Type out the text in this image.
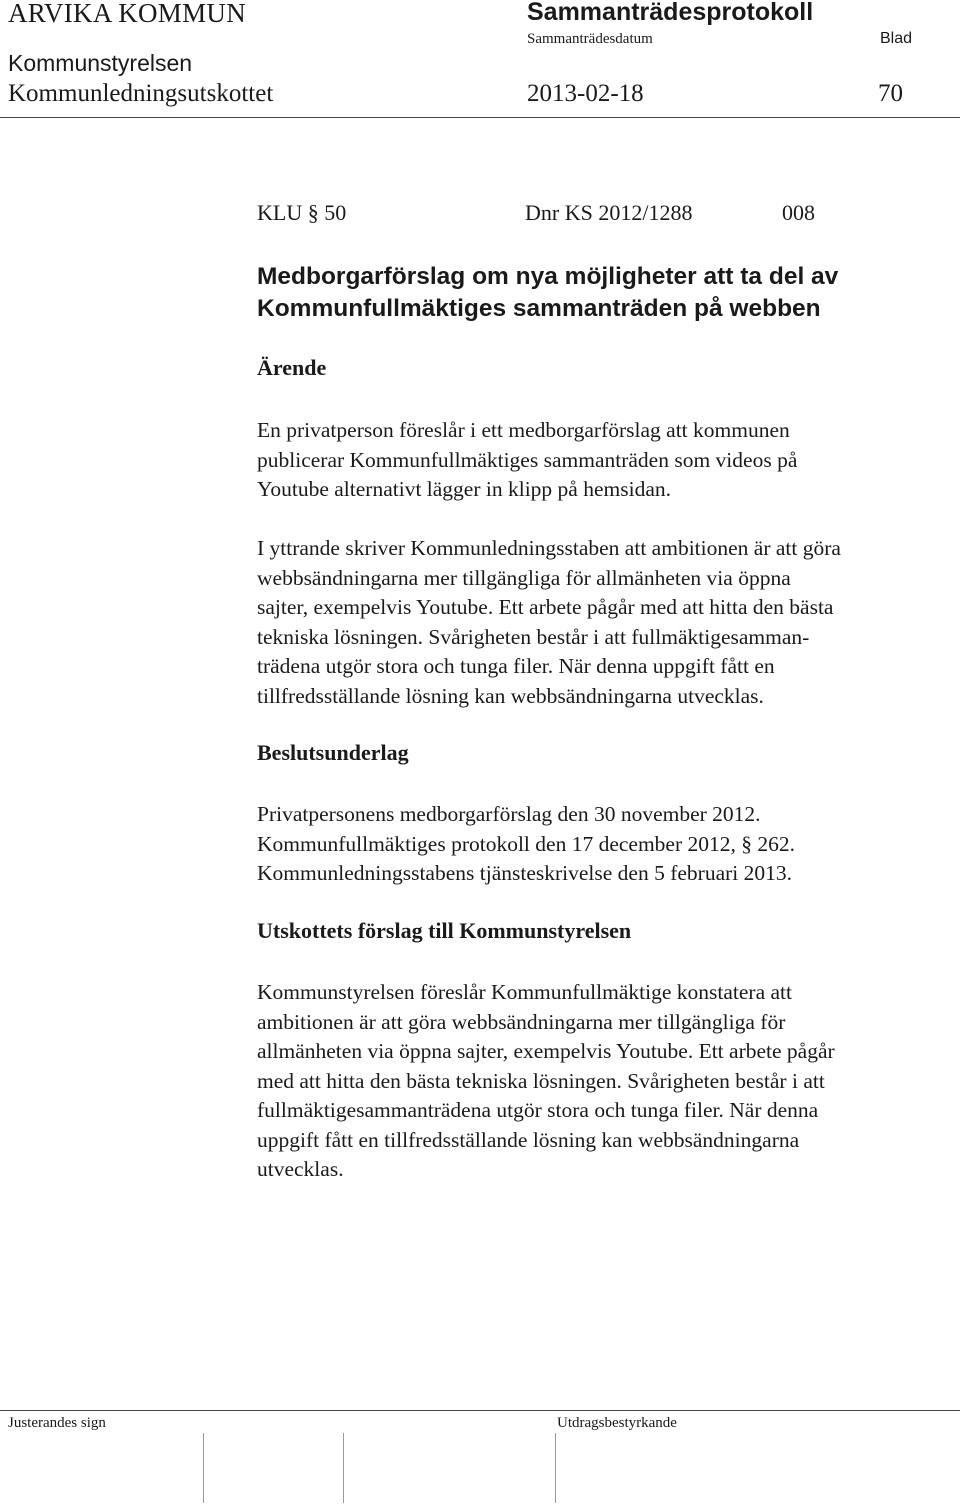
ARVIKA KOMMUN	Sammanträdesprotokoll
Sammanträdesdatum	Blad
Kommunstyrelsen
Kommunledningsutskottet	2013-02-18	70
KLU § 50	Dnr KS 2012/1288	008
Medborgarförslag om nya möjligheter att ta del av
Kommunfullmäktiges sammanträden på webben
Ärende
En privatperson föreslår i ett medborgarförslag att kommunen
publicerar Kommunfullmäktiges sammanträden som videos på
Youtube alternativt lägger in klipp på hemsidan.
I yttrande skriver Kommunledningsstaben att ambitionen är att göra
webbsändningarna mer tillgängliga för allmänheten via öppna
sajter, exempelvis Youtube. Ett arbete pågår med att hitta den bästa
tekniska lösningen. Svårigheten består i att fullmäktigesamman-
trädena utgör stora och tunga filer. När denna uppgift fått en
tillfredsställande lösning kan webbsändningarna utvecklas.
Beslutsunderlag
Privatpersonens medborgarförslag den 30 november 2012.
Kommunfullmäktiges protokoll den 17 december 2012, § 262.
Kommunledningsstabens tjänsteskrivelse den 5 februari 2013.
Utskottets förslag till Kommunstyrelsen
Kommunstyrelsen föreslår Kommunfullmäktige konstatera att
ambitionen är att göra webbsändningarna mer tillgängliga för
allmänheten via öppna sajter, exempelvis Youtube. Ett arbete pågår
med att hitta den bästa tekniska lösningen. Svårigheten består i att
fullmäktigesammanträdena utgör stora och tunga filer. När denna
uppgift fått en tillfredsställande lösning kan webbsändningarna
utvecklas.
Justerandes sign	Utdragsbestyrkande
